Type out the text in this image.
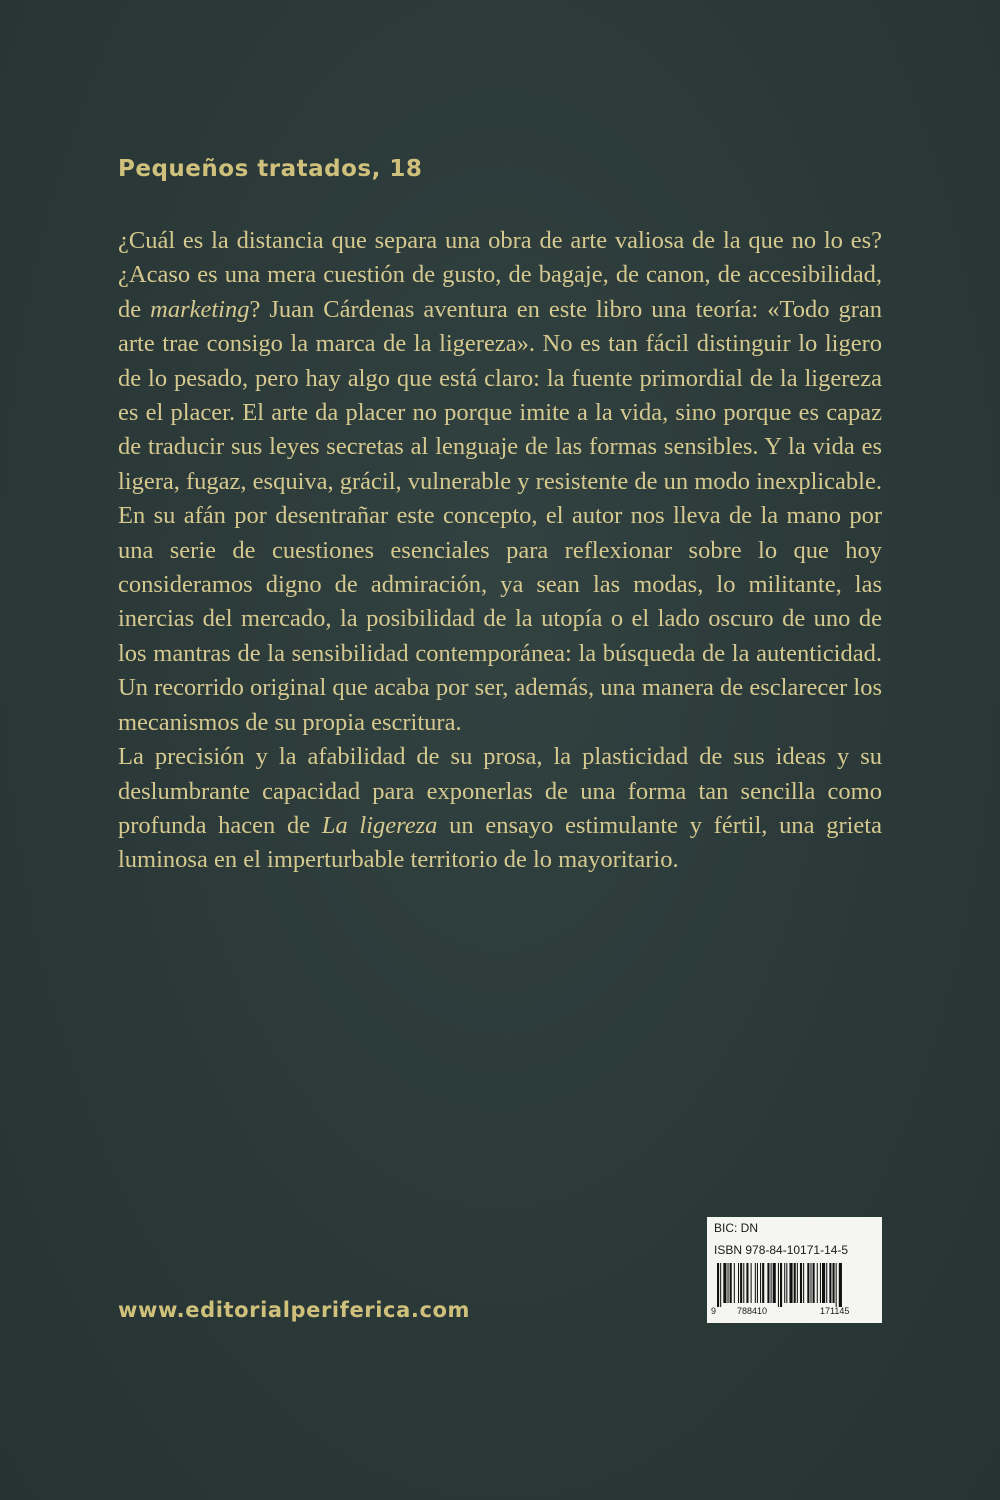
Pequeños tratados, 18

¿Cuál es la distancia que separa una obra de arte valiosa de la que no lo es? ¿Acaso es una mera cuestión de gusto, de bagaje, de canon, de accesibilidad, de marketing? Juan Cárdenas aventura en este libro una teoría: «Todo gran arte trae consigo la marca de la ligereza». No es tan fácil distinguir lo ligero de lo pesado, pero hay algo que está claro: la fuente primordial de la ligereza es el placer. El arte da placer no porque imite a la vida, sino porque es capaz de traducir sus leyes secretas al lenguaje de las formas sensibles. Y la vida es ligera, fugaz, esquiva, grácil, vulnerable y resistente de un modo inexplicable.

En su afán por desentrañar este concepto, el autor nos lleva de la mano por una serie de cuestiones esenciales para reflexionar sobre lo que hoy consideramos digno de admiración, ya sean las modas, lo militante, las inercias del mercado, la posibilidad de la utopía o el lado oscuro de uno de los mantras de la sensibilidad contemporánea: la búsqueda de la autenticidad. Un recorrido original que acaba por ser, además, una manera de esclarecer los mecanismos de su propia escritura.

La precisión y la afabilidad de su prosa, la plasticidad de sus ideas y su deslumbrante capacidad para exponerlas de una forma tan sencilla como profunda hacen de La ligereza un ensayo estimulante y fértil, una grieta luminosa en el imperturbable territorio de lo mayoritario.

www.editorialperiferica.com
BIC: DN
ISBN 978-84-10171-14-5
9 788410	171145
